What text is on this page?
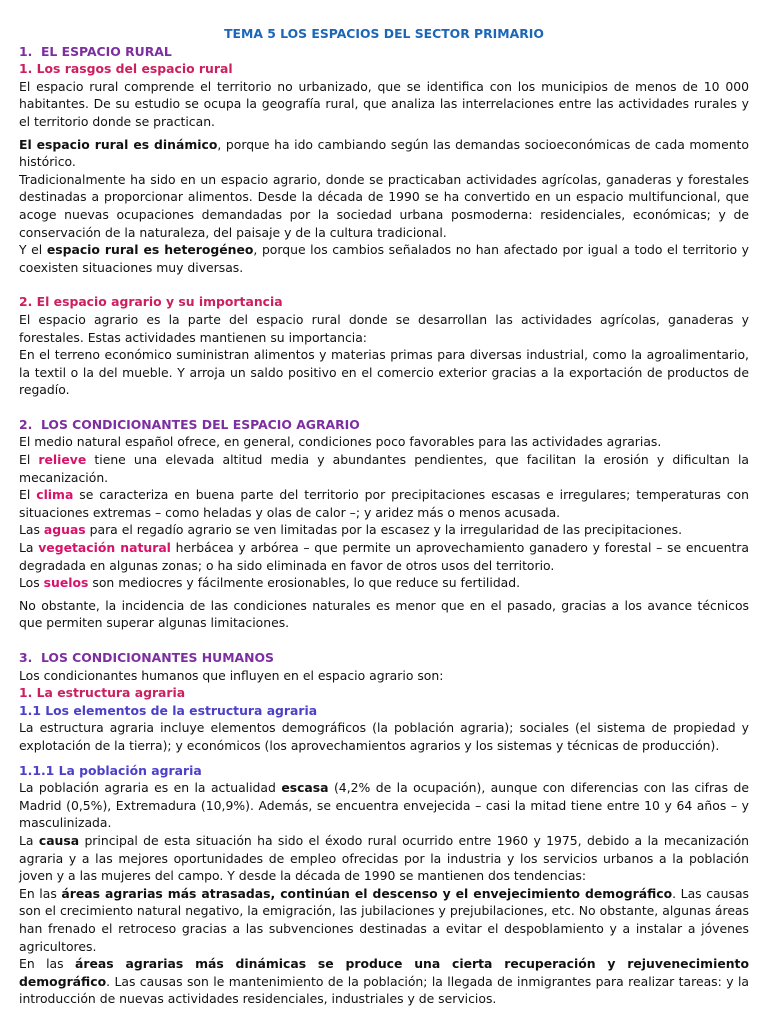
TEMA 5 LOS ESPACIOS DEL SECTOR PRIMARIO
1.  EL ESPACIO RURAL
1. Los rasgos del espacio rural

El espacio rural comprende el territorio no urbanizado, que se identifica con los municipios de menos de 10 000 habitantes. De su estudio se ocupa la geografía rural, que analiza las interrelaciones entre las actividades rurales y el territorio donde se practican.

El espacio rural es dinámico, porque ha ido cambiando según las demandas socioeconómicas de cada momento histórico.

Tradicionalmente ha sido en un espacio agrario, donde se practicaban actividades agrícolas, ganaderas y forestales destinadas a proporcionar alimentos. Desde la década de 1990 se ha convertido en un espacio multifuncional, que acoge nuevas ocupaciones demandadas por la sociedad urbana posmoderna: residenciales, económicas; y de conservación de la naturaleza, del paisaje y de la cultura tradicional.

Y el espacio rural es heterogéneo, porque los cambios señalados no han afectado por igual a todo el territorio y coexisten situaciones muy diversas.

2. El espacio agrario y su importancia

El espacio agrario es la parte del espacio rural donde se desarrollan las actividades agrícolas, ganaderas y forestales. Estas actividades mantienen su importancia:

En el terreno económico suministran alimentos y materias primas para diversas industrial, como la agroalimentario, la textil o la del mueble. Y arroja un saldo positivo en el comercio exterior gracias a la exportación de productos de regadío.

2.  LOS CONDICIONANTES DEL ESPACIO AGRARIO

El medio natural español ofrece, en general, condiciones poco favorables para las actividades agrarias.

El relieve tiene una elevada altitud media y abundantes pendientes, que facilitan la erosión y dificultan la mecanización.

El clima se caracteriza en buena parte del territorio por precipitaciones escasas e irregulares; temperaturas con situaciones extremas – como heladas y olas de calor –; y aridez más o menos acusada.

Las aguas para el regadío agrario se ven limitadas por la escasez y la irregularidad de las precipitaciones.

La vegetación natural herbácea y arbórea – que permite un aprovechamiento ganadero y forestal – se encuentra degradada en algunas zonas; o ha sido eliminada en favor de otros usos del territorio.

Los suelos son mediocres y fácilmente erosionables, lo que reduce su fertilidad.

No obstante, la incidencia de las condiciones naturales es menor que en el pasado, gracias a los avance técnicos que permiten superar algunas limitaciones.

3.  LOS CONDICIONANTES HUMANOS

Los condicionantes humanos que influyen en el espacio agrario son:

1. La estructura agraria
1.1 Los elementos de la estructura agraria

La estructura agraria incluye elementos demográficos (la población agraria); sociales (el sistema de propiedad y explotación de la tierra); y económicos (los aprovechamientos agrarios y los sistemas y técnicas de producción).

1.1.1 La población agraria

La población agraria es en la actualidad escasa (4,2% de la ocupación), aunque con diferencias con las cifras de Madrid (0,5%), Extremadura (10,9%). Además, se encuentra envejecida – casi la mitad tiene entre 10 y 64 años – y masculinizada.

La causa principal de esta situación ha sido el éxodo rural ocurrido entre 1960 y 1975, debido a la mecanización agraria y a las mejores oportunidades de empleo ofrecidas por la industria y los servicios urbanos a la población joven y a las mujeres del campo. Y desde la década de 1990 se mantienen dos tendencias:

En las áreas agrarias más atrasadas, continúan el descenso y el envejecimiento demográfico. Las causas son el crecimiento natural negativo, la emigración, las jubilaciones y prejubilaciones, etc. No obstante, algunas áreas han frenado el retroceso gracias a las subvenciones destinadas a evitar el despoblamiento y a instalar a jóvenes agricultores.

En las áreas agrarias más dinámicas se produce una cierta recuperación y rejuvenecimiento demográfico. Las causas son le mantenimiento de la población; la llegada de inmigrantes para realizar tareas: y la introducción de nuevas actividades residenciales, industriales y de servicios.
